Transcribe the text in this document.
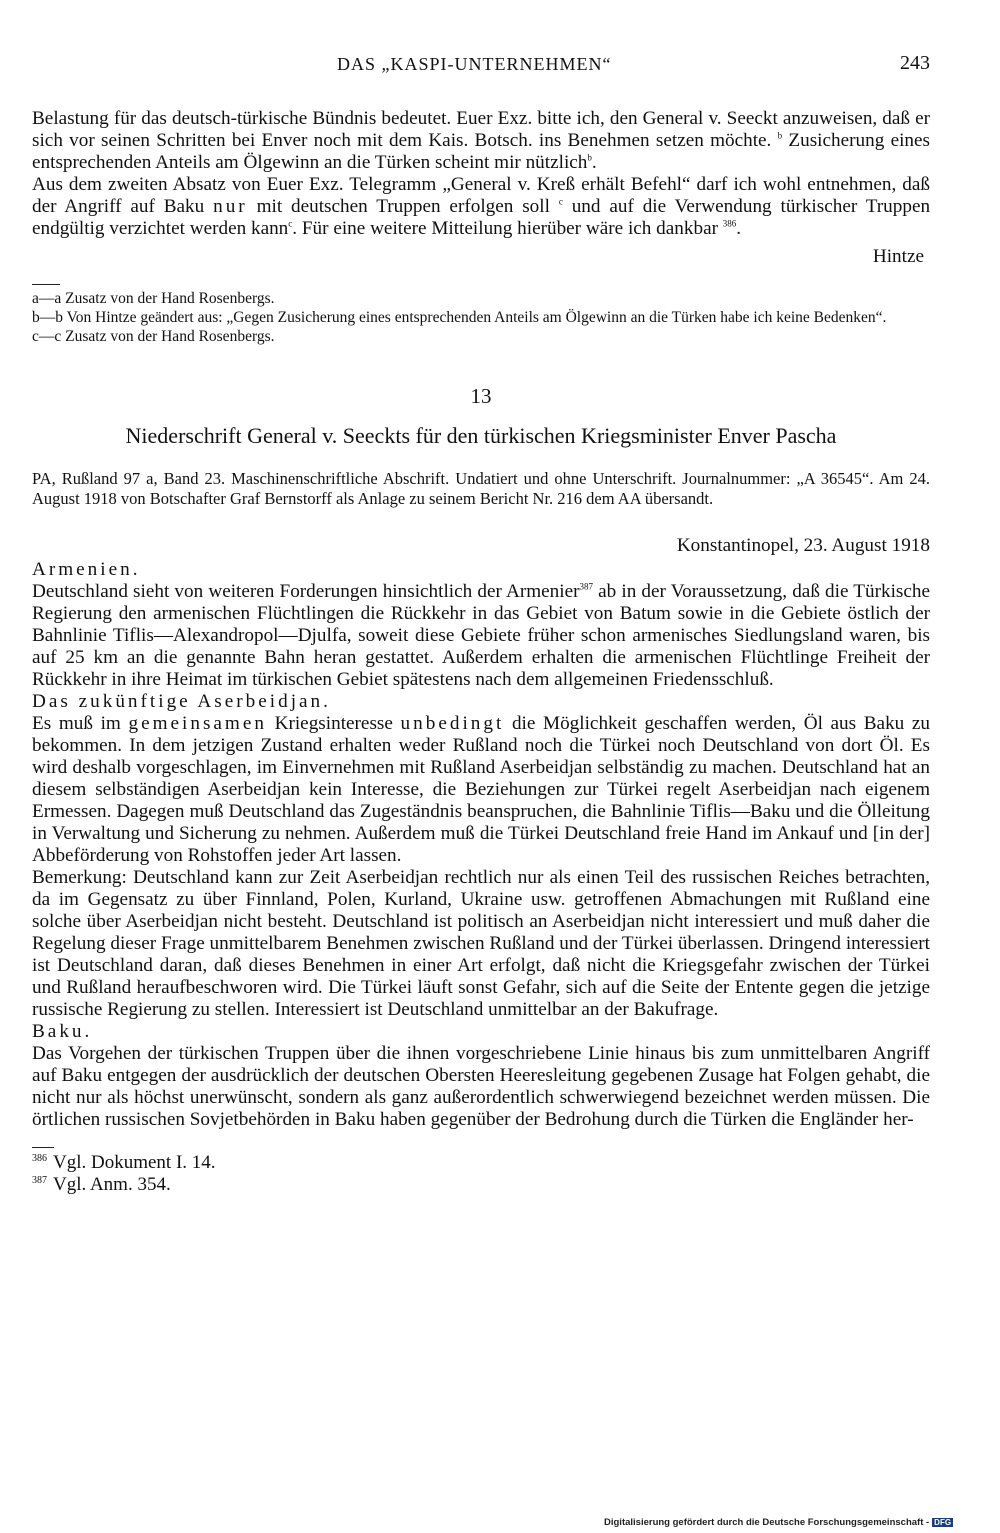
DAS „KASPI-UNTERNEHMEN“	243

Belastung für das deutsch-türkische Bündnis bedeutet. Euer Exz. bitte ich, den General v. Seeckt anzuweisen, daß er sich vor seinen Schritten bei Enver noch mit dem Kais. Botsch. ins Benehmen setzen möchte. $^b$ Zusicherung eines entsprechenden Anteils am Ölgewinn an die Türken scheint mir nützlich$^b$.

Aus dem zweiten Absatz von Euer Exz. Telegramm „General v. Kreß erhält Befehl“ darf ich wohl entnehmen, daß der Angriff auf Baku nur mit deutschen Truppen erfolgen soll $^c$ und auf die Verwendung türkischer Truppen endgültig verzichtet werden kann$^c$. Für eine weitere Mitteilung hierüber wäre ich dankbar $^{386}$.

Hintze

a—a Zusatz von der Hand Rosenbergs.

b—b Von Hintze geändert aus: „Gegen Zusicherung eines entsprechenden Anteils am Ölgewinn an die Türken habe ich keine Bedenken“.

c—c Zusatz von der Hand Rosenbergs.

13
Niederschrift General v. Seeckts für den türkischen Kriegsminister Enver Pascha

PA, Rußland 97 a, Band 23. Maschinenschriftliche Abschrift. Undatiert und ohne Unterschrift. Journalnummer: „A 36545“. Am 24. August 1918 von Botschafter Graf Bernstorff als Anlage zu seinem Bericht Nr. 216 dem AA übersandt.

Konstantinopel, 23. August 1918

Armenien.

Deutschland sieht von weiteren Forderungen hinsichtlich der Armenier$^{387}$ ab in der Voraussetzung, daß die Türkische Regierung den armenischen Flüchtlingen die Rückkehr in das Gebiet von Batum sowie in die Gebiete östlich der Bahnlinie Tiflis—Alexandropol—Djulfa, soweit diese Gebiete früher schon armenisches Siedlungsland waren, bis auf 25 km an die genannte Bahn heran gestattet. Außerdem erhalten die armenischen Flüchtlinge Freiheit der Rückkehr in ihre Heimat im türkischen Gebiet spätestens nach dem allgemeinen Friedensschluß.

Das zukünftige Aserbeidjan.

Es muß im gemeinsamen Kriegsinteresse unbedingt die Möglichkeit geschaffen werden, Öl aus Baku zu bekommen. In dem jetzigen Zustand erhalten weder Rußland noch die Türkei noch Deutschland von dort Öl. Es wird deshalb vorgeschlagen, im Einvernehmen mit Rußland Aserbeidjan selbständig zu machen. Deutschland hat an diesem selbständigen Aserbeidjan kein Interesse, die Beziehungen zur Türkei regelt Aserbeidjan nach eigenem Ermessen. Dagegen muß Deutschland das Zugeständnis beanspruchen, die Bahnlinie Tiflis—Baku und die Ölleitung in Verwaltung und Sicherung zu nehmen. Außerdem muß die Türkei Deutschland freie Hand im Ankauf und [in der] Abbeförderung von Rohstoffen jeder Art lassen.

Bemerkung: Deutschland kann zur Zeit Aserbeidjan rechtlich nur als einen Teil des russischen Reiches betrachten, da im Gegensatz zu über Finnland, Polen, Kurland, Ukraine usw. getroffenen Abmachungen mit Rußland eine solche über Aserbeidjan nicht besteht. Deutschland ist politisch an Aserbeidjan nicht interessiert und muß daher die Regelung dieser Frage unmittelbarem Benehmen zwischen Rußland und der Türkei überlassen. Dringend interessiert ist Deutschland daran, daß dieses Benehmen in einer Art erfolgt, daß nicht die Kriegsgefahr zwischen der Türkei und Rußland heraufbeschworen wird. Die Türkei läuft sonst Gefahr, sich auf die Seite der Entente gegen die jetzige russische Regierung zu stellen. Interessiert ist Deutschland unmittelbar an der Bakufrage.

Baku.

Das Vorgehen der türkischen Truppen über die ihnen vorgeschriebene Linie hinaus bis zum unmittelbaren Angriff auf Baku entgegen der ausdrücklich der deutschen Obersten Heeresleitung gegebenen Zusage hat Folgen gehabt, die nicht nur als höchst unerwünscht, sondern als ganz außerordentlich schwerwiegend bezeichnet werden müssen. Die örtlichen russischen Sovjetbehörden in Baku haben gegenüber der Bedrohung durch die Türken die Engländer her-

$^{386}$ Vgl. Dokument I. 14.

$^{387}$ Vgl. Anm. 354.

Digitalisierung gefördert durch die Deutsche Forschungsgemeinschaft - DFG
